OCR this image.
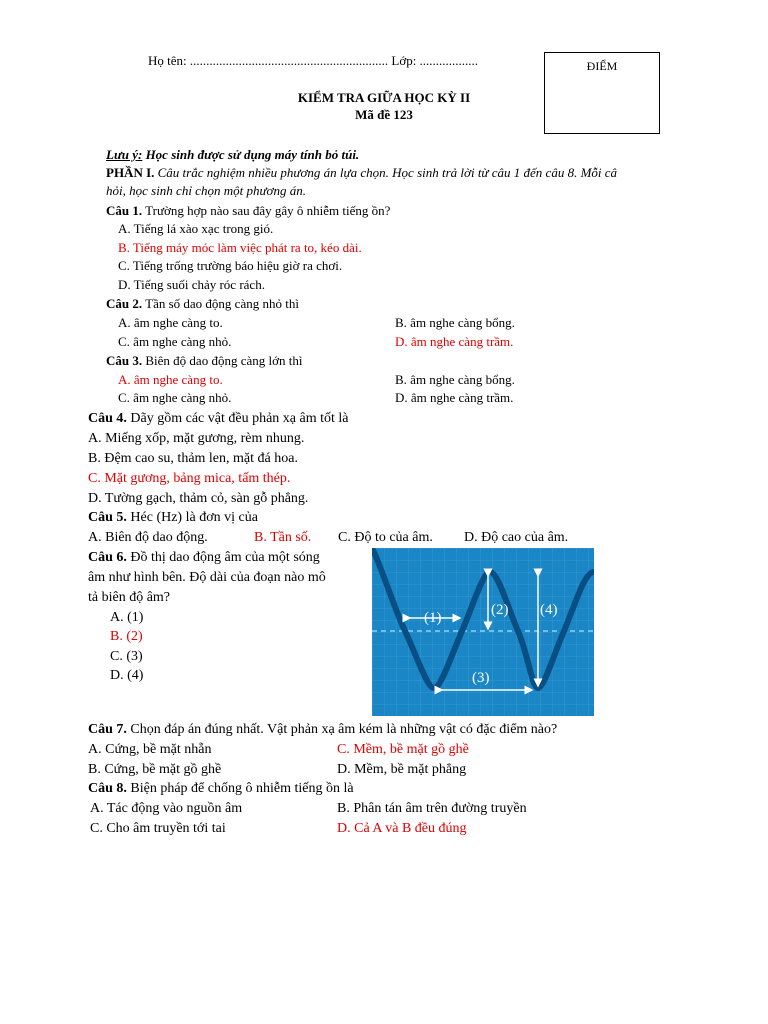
Họ tên: ............................................................. Lớp: ..................	ĐIỂM
KIỂM TRA GIỮA HỌC KỲ II
Mã đề 123
Lưu ý: Học sinh được sử dụng máy tính bỏ túi.
PHẦN I. Câu trắc nghiệm nhiều phương án lựa chọn. Học sinh trả lời từ câu 1 đến câu 8. Mỗi câ
hỏi, học sinh chỉ chọn một phương án.
Câu 1. Trường hợp nào sau đây gây ô nhiễm tiếng ồn?
A. Tiếng lá xào xạc trong gió.
B. Tiếng máy móc làm việc phát ra to, kéo dài.
C. Tiếng trống trường báo hiệu giờ ra chơi.
D. Tiếng suối chảy róc rách.
Câu 2. Tần số dao động càng nhỏ thì
A. âm nghe càng to.	B. âm nghe càng bổng.
C. âm nghe càng nhỏ.	D. âm nghe càng trầm.
Câu 3. Biên độ dao động càng lớn thì
A. âm nghe càng to.	B. âm nghe càng bổng.
C. âm nghe càng nhỏ.	D. âm nghe càng trầm.
Câu 4. Dãy gồm các vật đều phản xạ âm tốt là
A. Miếng xốp, mặt gương, rèm nhung.
B. Đệm cao su, thảm len, mặt đá hoa.
C. Mặt gương, bảng mica, tấm thép.
D. Tường gạch, thảm cỏ, sàn gỗ phẳng.
Câu 5. Héc (Hz) là đơn vị của
A. Biên độ dao động.	B. Tần số. C. Độ to của âm. D. Độ cao của âm.
Câu 6. Đồ thị dao động âm của một sóng
âm như hình bên. Độ dài của đoạn nào mô
tả biên độ âm?
A. (1)
B. (2)
C. (3)
D. (4)
(1)	(2) (4)
(3)
Câu 7. Chọn đáp án đúng nhất. Vật phản xạ âm kém là những vật có đặc điểm nào?
A. Cứng, bề mặt nhẵn	C. Mềm, bề mặt gồ ghề
B. Cứng, bề mặt gồ ghề	D. Mềm, bề mặt phẳng
Câu 8. Biện pháp để chống ô nhiễm tiếng ồn là
A. Tác động vào nguồn âm	B. Phân tán âm trên đường truyền
C. Cho âm truyền tới tai	D. Cả A và B đều đúng
